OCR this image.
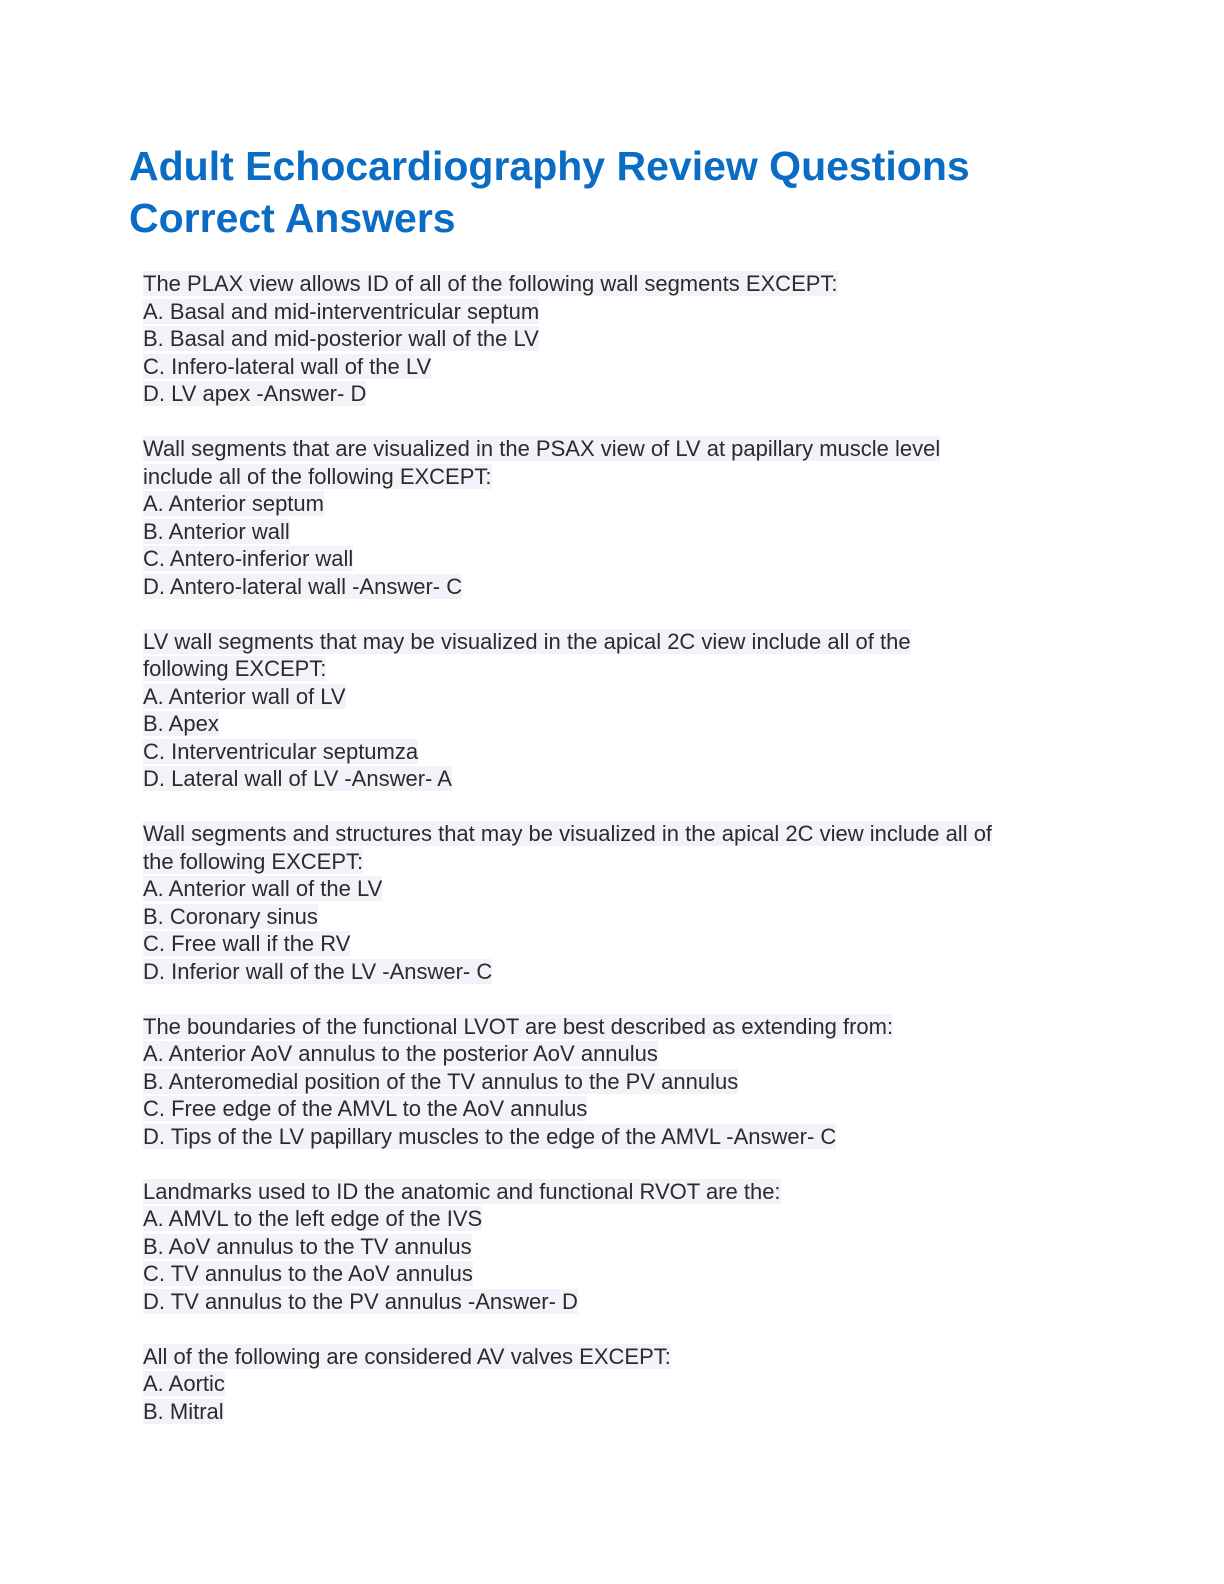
Adult Echocardiography Review Questions
Correct Answers
The PLAX view allows ID of all of the following wall segments EXCEPT:
A. Basal and mid-interventricular septum
B. Basal and mid-posterior wall of the LV
C. Infero-lateral wall of the LV
D. LV apex -Answer- D
Wall segments that are visualized in the PSAX view of LV at papillary muscle level
include all of the following EXCEPT:
A. Anterior septum
B. Anterior wall
C. Antero-inferior wall
D. Antero-lateral wall -Answer- C
LV wall segments that may be visualized in the apical 2C view include all of the
following EXCEPT:
A. Anterior wall of LV
B. Apex
C. Interventricular septumza
D. Lateral wall of LV -Answer- A
Wall segments and structures that may be visualized in the apical 2C view include all of
the following EXCEPT:
A. Anterior wall of the LV
B. Coronary sinus
C. Free wall if the RV
D. Inferior wall of the LV -Answer- C
The boundaries of the functional LVOT are best described as extending from:
A. Anterior AoV annulus to the posterior AoV annulus
B. Anteromedial position of the TV annulus to the PV annulus
C. Free edge of the AMVL to the AoV annulus
D. Tips of the LV papillary muscles to the edge of the AMVL -Answer- C
Landmarks used to ID the anatomic and functional RVOT are the:
A. AMVL to the left edge of the IVS
B. AoV annulus to the TV annulus
C. TV annulus to the AoV annulus
D. TV annulus to the PV annulus -Answer- D
All of the following are considered AV valves EXCEPT:
A. Aortic
B. Mitral
